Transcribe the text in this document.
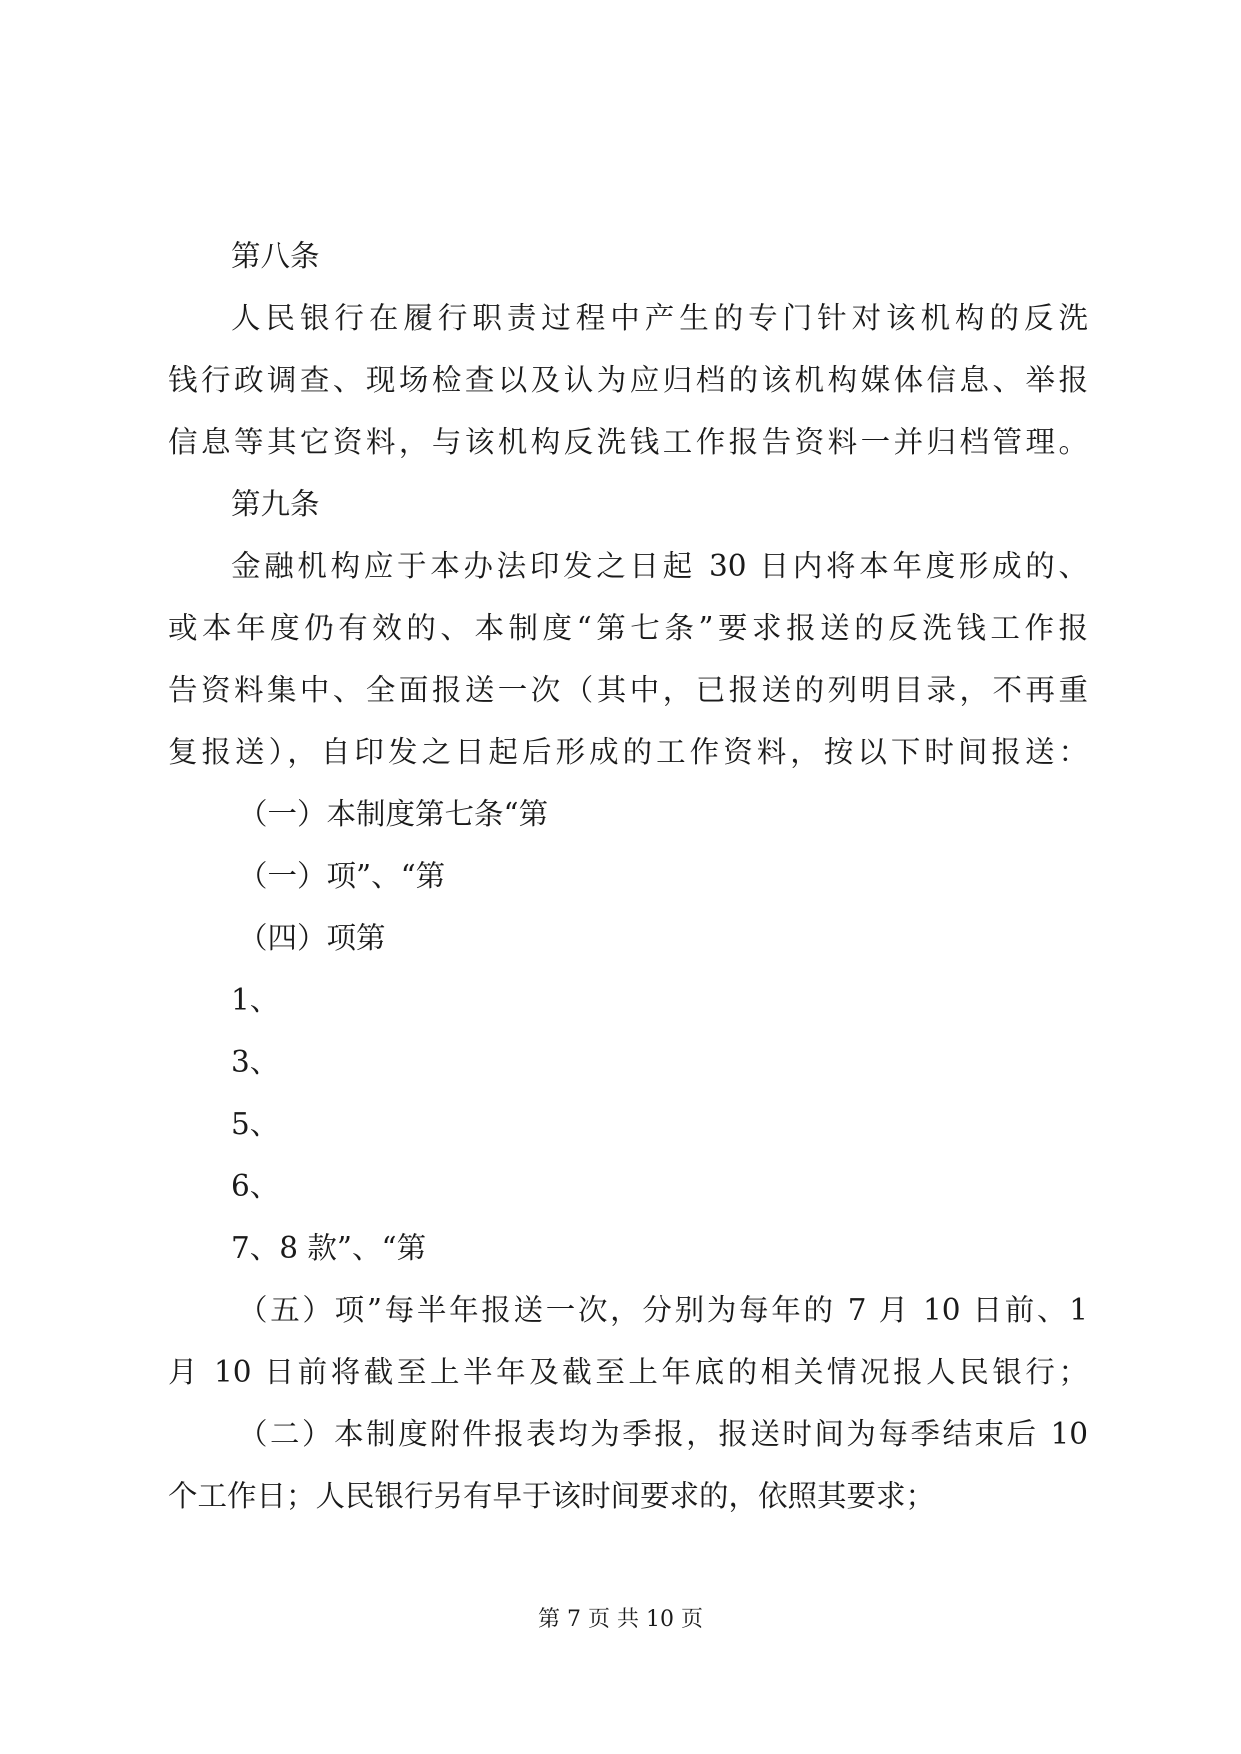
第八条
人民银行在履行职责过程中产生的专门针对该机构的反洗
钱行政调查、现场检查以及认为应归档的该机构媒体信息、举报
信息等其它资料，与该机构反洗钱工作报告资料一并归档管理。
第九条
金融机构应于本办法印发之日起 30 日内将本年度形成的、
或本年度仍有效的、本制度“第七条”要求报送的反洗钱工作报
告资料集中、全面报送一次（其中，已报送的列明目录，不再重
复报送），自印发之日起后形成的工作资料，按以下时间报送：
（一）本制度第七条“第
（一）项”、“第
（四）项第
1、
3、
5、
6、
7、8 款”、“第
（五）项”每半年报送一次，分别为每年的 7 月 10 日前、1
月 10 日前将截至上半年及截至上年底的相关情况报人民银行；
（二）本制度附件报表均为季报，报送时间为每季结束后 10
个工作日；人民银行另有早于该时间要求的，依照其要求；
第 7 页 共 10 页
